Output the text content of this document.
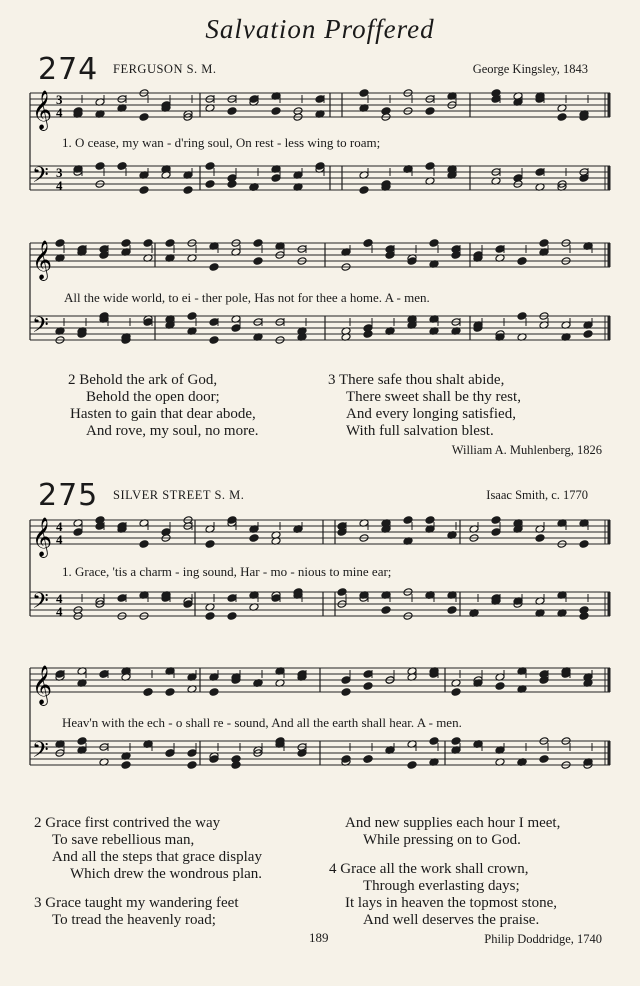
Salvation Proffered
274 FERGUSON S. M.	George Kingsley, 1843
𝄞
𝄢
3
4
3
4
𝄞
𝄢
𝄞
𝄢
4
4
4
4
𝄞
𝄢
1. O cease, my wan - d'ring soul, On rest - less wing to roam;
All the wide world, to ei - ther pole, Has not for thee a home. A - men.
2 Behold the ark of God,
Behold the open door;
Hasten to gain that dear abode,
And rove, my soul, no more.
3 There safe thou shalt abide,
There sweet shall be thy rest,
And every longing satisfied,
With full salvation blest.
William A. Muhlenberg, 1826
275 SILVER STREET S. M.	Isaac Smith, c. 1770
1. Grace, 'tis a charm - ing sound, Har - mo - nious to mine ear;
Heav'n with the ech - o shall re - sound, And all the earth shall hear. A - men.
2 Grace first contrived the way
To save rebellious man,
And all the steps that grace display
Which drew the wondrous plan.
3 Grace taught my wandering feet
To tread the heavenly road;
And new supplies each hour I meet,
While pressing on to God.
4 Grace all the work shall crown,
Through everlasting days;
It lays in heaven the topmost stone,
And well deserves the praise.
189	Philip Doddridge, 1740
